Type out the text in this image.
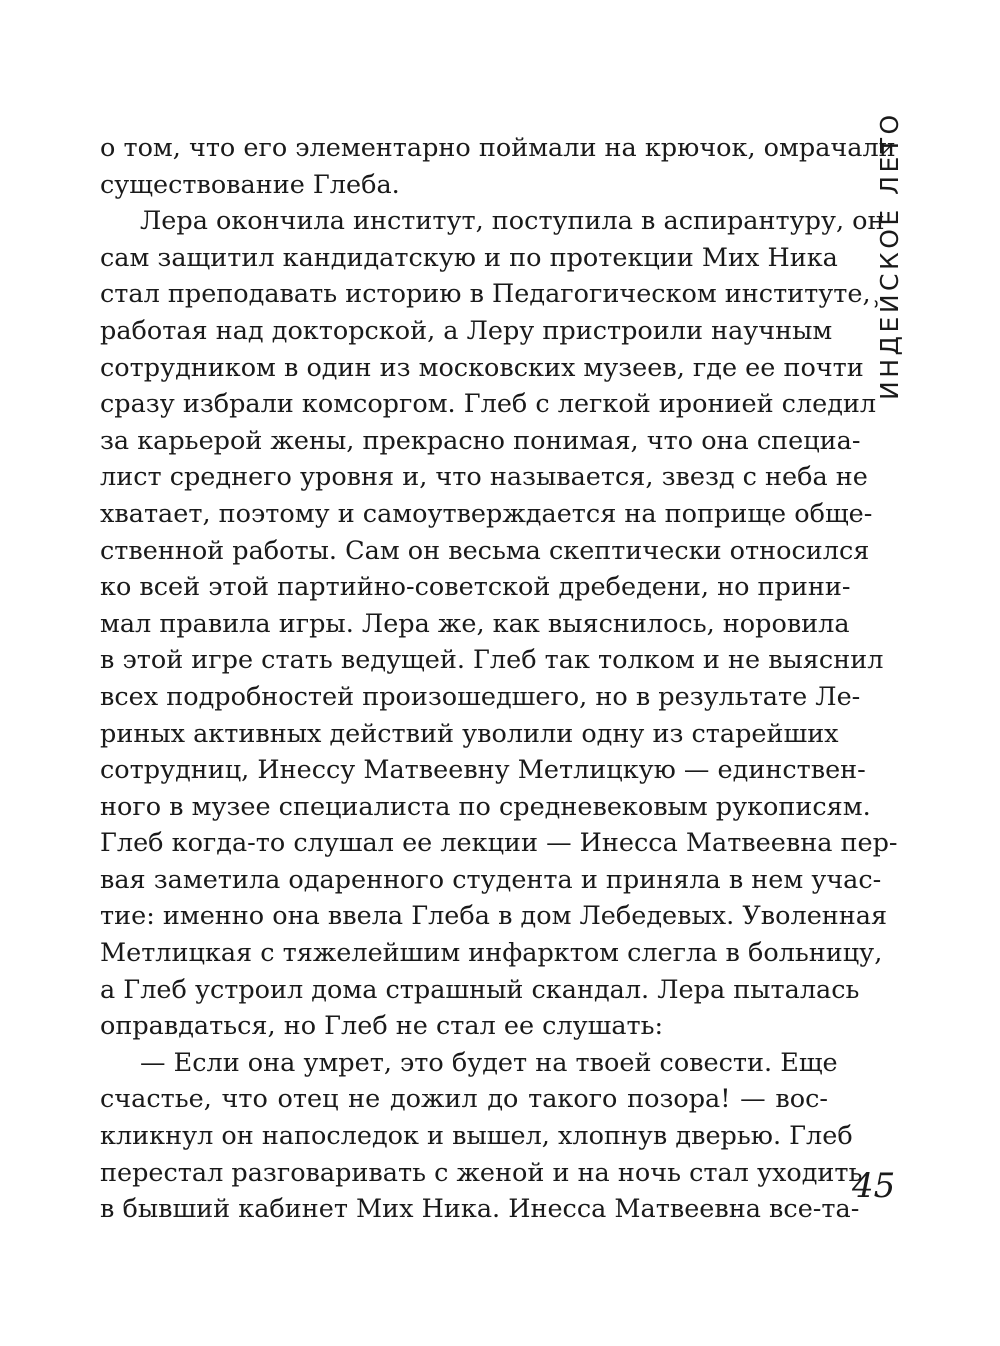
ИНДЕЙСКОЕ ЛЕТО
о том, что его элементарно поймали на крючок, омрачали
существование Глеба.
Лера окончила институт, поступила в аспирантуру, он
сам защитил кандидатскую и по протекции Мих Ника
стал преподавать историю в Педагогическом институте,
работая над докторской, а Леру пристроили научным
сотрудником в один из московских музеев, где ее почти
сразу избрали комсоргом. Глеб с легкой иронией следил
за карьерой жены, прекрасно понимая, что она специа-
лист среднего уровня и, что называется, звезд с неба не
хватает, поэтому и самоутверждается на поприще обще-
ственной работы. Сам он весьма скептически относился
ко всей этой партийно-советской дребедени, но прини-
мал правила игры. Лера же, как выяснилось, норовила
в этой игре стать ведущей. Глеб так толком и не выяснил
всех подробностей произошедшего, но в результате Ле-
риных активных действий уволили одну из старейших
сотрудниц, Инессу Матвеевну Метлицкую — единствен-
ного в музее специалиста по средневековым рукописям.
Глеб когда-то слушал ее лекции — Инесса Матвеевна пер-
вая заметила одаренного студента и приняла в нем учас-
тие: именно она ввела Глеба в дом Лебедевых. Уволенная
Метлицкая с тяжелейшим инфарктом слегла в больницу,
а Глеб устроил дома страшный скандал. Лера пыталась
оправдаться, но Глеб не стал ее слушать:
— Если она умрет, это будет на твоей совести. Еще
счастье, что отец не дожил до такого позора! — вос-
кликнул он напоследок и вышел, хлопнув дверью. Глеб
перестал разговаривать с женой и на ночь стал уходить
в бывший кабинет Мих Ника. Инесса Матвеевна все-та-
45
